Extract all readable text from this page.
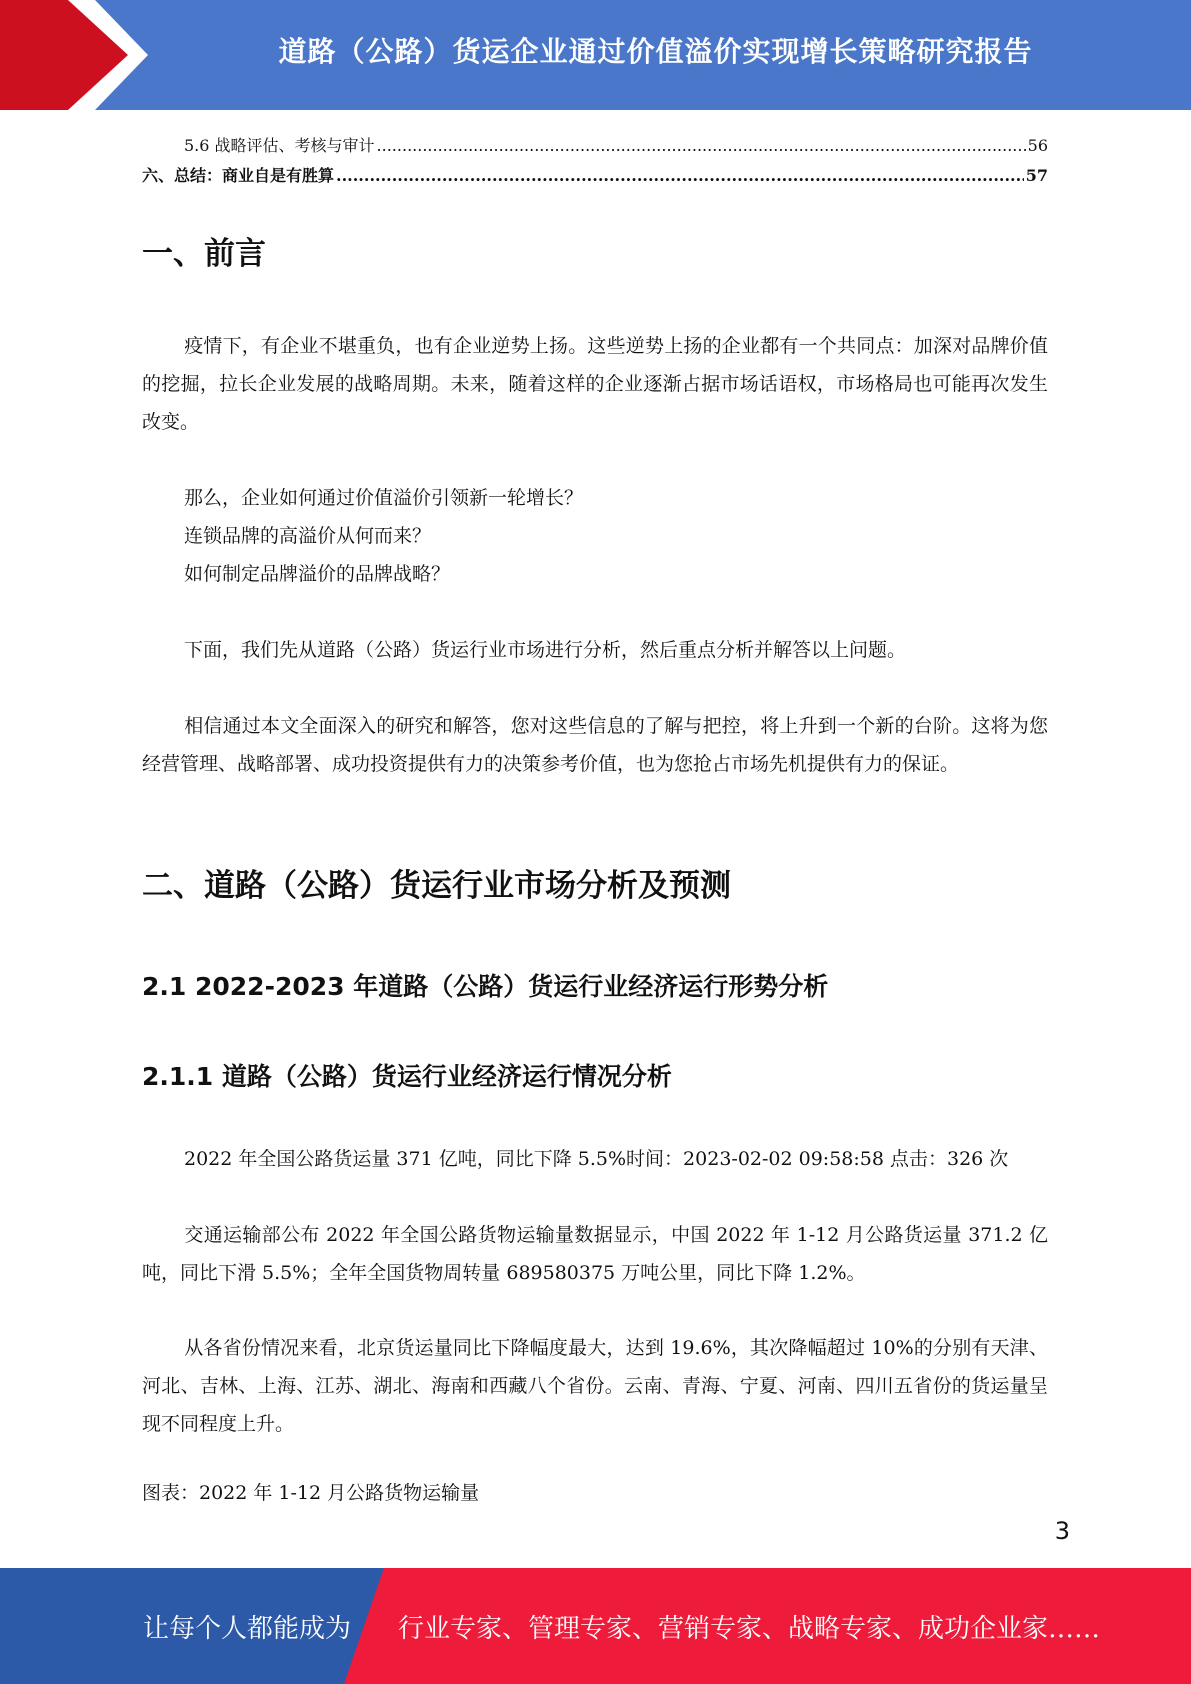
道路（公路）货运企业通过价值溢价实现增长策略研究报告
5.6 战略评估、考核与审计 .....	56
六、总结：商业自是有胜算 .....	57
一、前言
疫情下，有企业不堪重负，也有企业逆势上扬。这些逆势上扬的企业都有一个共同点：加深对品牌价值的挖掘，拉长企业发展的战略周期。未来，随着这样的企业逐渐占据市场话语权，市场格局也可能再次发生改变。
那么，企业如何通过价值溢价引领新一轮增长？
连锁品牌的高溢价从何而来？
如何制定品牌溢价的品牌战略？
下面，我们先从道路（公路）货运行业市场进行分析，然后重点分析并解答以上问题。
相信通过本文全面深入的研究和解答，您对这些信息的了解与把控，将上升到一个新的台阶。这将为您经营管理、战略部署、成功投资提供有力的决策参考价值，也为您抢占市场先机提供有力的保证。
二、道路（公路）货运行业市场分析及预测
2.1 2022-2023 年道路（公路）货运行业经济运行形势分析
2.1.1 道路（公路）货运行业经济运行情况分析
2022 年全国公路货运量 371 亿吨，同比下降 5.5%时间：2023-02-02 09:58:58 点击：326 次
交通运输部公布 2022 年全国公路货物运输量数据显示，中国 2022 年 1-12 月公路货运量 371.2 亿吨，同比下滑 5.5%；全年全国货物周转量 689580375 万吨公里，同比下降 1.2%。
从各省份情况来看，北京货运量同比下降幅度最大，达到 19.6%，其次降幅超过 10%的分别有天津、河北、吉林、上海、江苏、湖北、海南和西藏八个省份。云南、青海、宁夏、河南、四川五省份的货运量呈现不同程度上升。
图表：2022 年 1-12 月公路货物运输量
3
让每个人都能成为 行业专家、管理专家、营销专家、战略专家、成功企业家……
